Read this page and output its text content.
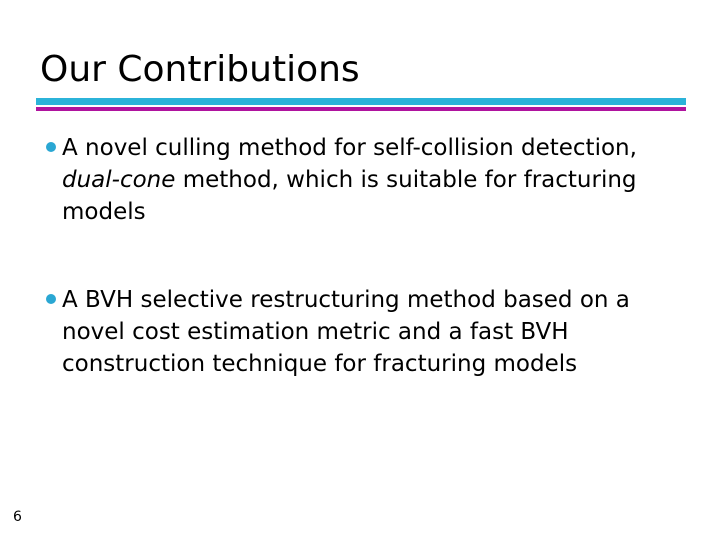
Our Contributions
A novel culling method for self-collision detection, dual-cone method, which is suitable for fracturing models
A BVH selective restructuring method based on a novel cost estimation metric and a fast BVH construction technique for fracturing models
6
